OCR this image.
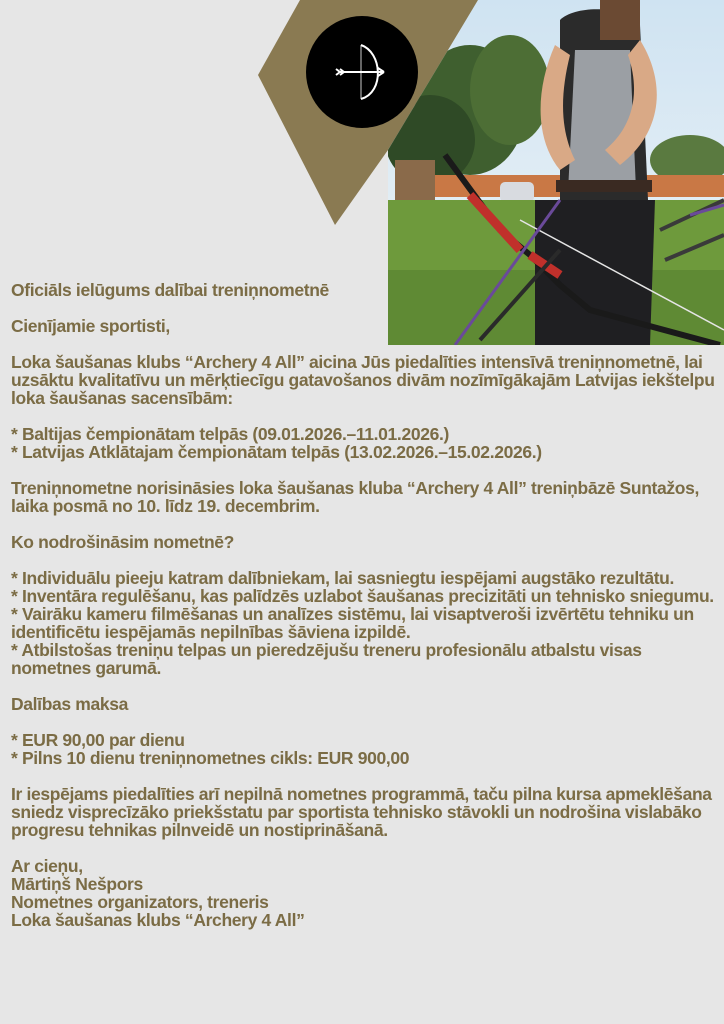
Oficiāls ielūgums dalībai treniņnometnē

Cienījamie sportisti,

Loka šaušanas klubs “Archery 4 All” aicina Jūs piedalīties intensīvā treniņnometnē, lai uzsāktu kvalitatīvu un mērķtiecīgu gatavošanos divām nozīmīgākajām Latvijas iekštelpu loka šaušanas sacensībām:

* Baltijas čempionātam telpās (09.01.2026.–11.01.2026.)

* Latvijas Atklātajam čempionātam telpās (13.02.2026.–15.02.2026.)

Treniņnometne norisināsies loka šaušanas kluba “Archery 4 All” treniņbāzē Suntažos, laika posmā no 10. līdz 19. decembrim.

Ko nodrošināsim nometnē?

* Individuālu pieeju katram dalībniekam, lai sasniegtu iespējami augstāko rezultātu.

* Inventāra regulēšanu, kas palīdzēs uzlabot šaušanas precizitāti un tehnisko sniegumu.

* Vairāku kameru filmēšanas un analīzes sistēmu, lai visaptveroši izvērtētu tehniku un identificētu iespējamās nepilnības šāviena izpildē.

* Atbilstošas treniņu telpas un pieredzējušu treneru profesionālu atbalstu visas nometnes garumā.

Dalības maksa

* EUR 90,00 par dienu

* Pilns 10 dienu treniņnometnes cikls: EUR 900,00

Ir iespējams piedalīties arī nepilnā nometnes programmā, taču pilna kursa apmeklēšana sniedz visprecīzāko priekšstatu par sportista tehnisko stāvokli un nodrošina vislabāko progresu tehnikas pilnveidē un nostiprināšanā.

Ar cieņu,

Mārtiņš Nešpors

Nometnes organizators, treneris

Loka šaušanas klubs “Archery 4 All”
